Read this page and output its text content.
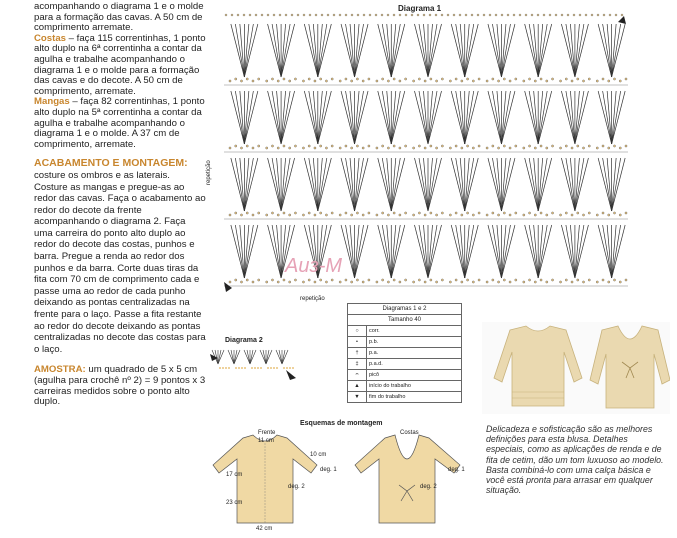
acompanhando o diagrama 1 e o molde para a formação das cavas. A 50 cm de comprimento arremate.

Costas – faça 115 correntinhas, 1 ponto alto duplo na 6ª correntinha a contar da agulha e trabalhe acompanhando o diagrama 1 e o molde para a formação das cavas e do decote. A 50 cm de comprimento, arremate.

Mangas – faça 82 correntinhas, 1 ponto alto duplo na 5ª correntinha a contar da agulha e trabalhe acompanhando o diagrama 1 e o molde. A 37 cm de comprimento, arremate.

ACABAMENTO E MONTAGEM: costure os ombros e as laterais. Costure as mangas e pregue-as ao redor das cavas. Faça o acabamento ao redor do decote da frente acompanhando o diagrama 2. Faça uma carreira do ponto alto duplo ao redor do decote das costas, punhos e barra. Pregue a renda ao redor dos punhos e da barra. Corte duas tiras da fita com 70 cm de comprimento cada e passe uma ao redor de cada punho deixando as pontas centralizadas na frente para o laço. Passe a fita restante ao redor do decote deixando as pontas centralizadas no decote das costas para o laço.

AMOSTRA: um quadrado de 5 x 5 cm (agulha para crochê nº 2) = 9 pontos x 3 carreiras medidos sobre o ponto alto duplo.

Diagrama 1
Aиз-M
repetição
repetição
Diagramas 1 e 2	
Tamanho 40	
○	corr.
•	p.b.
†	p.a.
‡	p.a.d.
ᴖ	picô
▲	início do trabalho
▼	fim do trabalho
Diagrama 2
Esquemas de montagem
Frente	Costas
deg. 2
deg. 1
deg. 2
deg. 1
42 cm
11 cm
17 cm
23 cm
10 cm
Delicadeza e sofisticação são as melhores definições para esta blusa. Detalhes especiais, como as aplicações de renda e de fita de cetim, dão um tom luxuoso ao modelo. Basta combiná-lo com uma calça básica e você está pronta para arrasar em qualquer situação.
